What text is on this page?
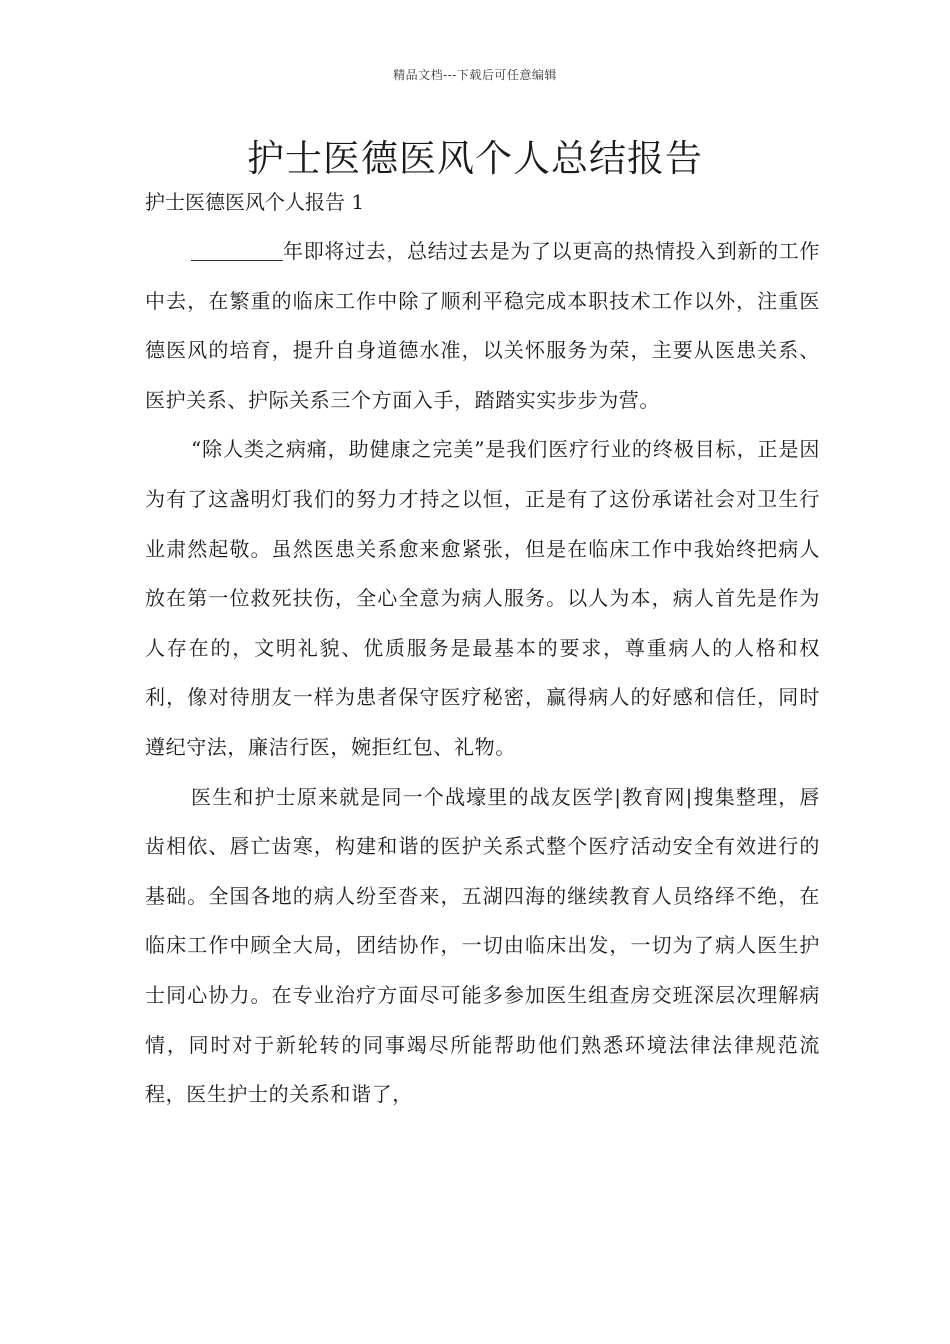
精品文档---下载后可任意编辑
护士医德医风个人总结报告
护士医德医风个人报告 1

年即将过去，总结过去是为了以更高的热情投入到新的工作中去，在繁重的临床工作中除了顺利平稳完成本职技术工作以外，注重医德医风的培育，提升自身道德水准，以关怀服务为荣，主要从医患关系、医护关系、护际关系三个方面入手，踏踏实实步步为营。

“除人类之病痛，助健康之完美”是我们医疗行业的终极目标，正是因为有了这盏明灯我们的努力才持之以恒，正是有了这份承诺社会对卫生行业肃然起敬。虽然医患关系愈来愈紧张，但是在临床工作中我始终把病人放在第一位救死扶伤，全心全意为病人服务。以人为本，病人首先是作为人存在的，文明礼貌、优质服务是最基本的要求，尊重病人的人格和权利，像对待朋友一样为患者保守医疗秘密，赢得病人的好感和信任，同时遵纪守法，廉洁行医，婉拒红包、礼物。

医生和护士原来就是同一个战壕里的战友医学|教育网|搜集整理，唇齿相依、唇亡齿寒，构建和谐的医护关系式整个医疗活动安全有效进行的基础。全国各地的病人纷至沓来，五湖四海的继续教育人员络绎不绝，在临床工作中顾全大局，团结协作，一切由临床出发，一切为了病人医生护士同心协力。在专业治疗方面尽可能多参加医生组查房交班深层次理解病情，同时对于新轮转的同事竭尽所能帮助他们熟悉环境法律法律规范流程，医生护士的关系和谐了，
